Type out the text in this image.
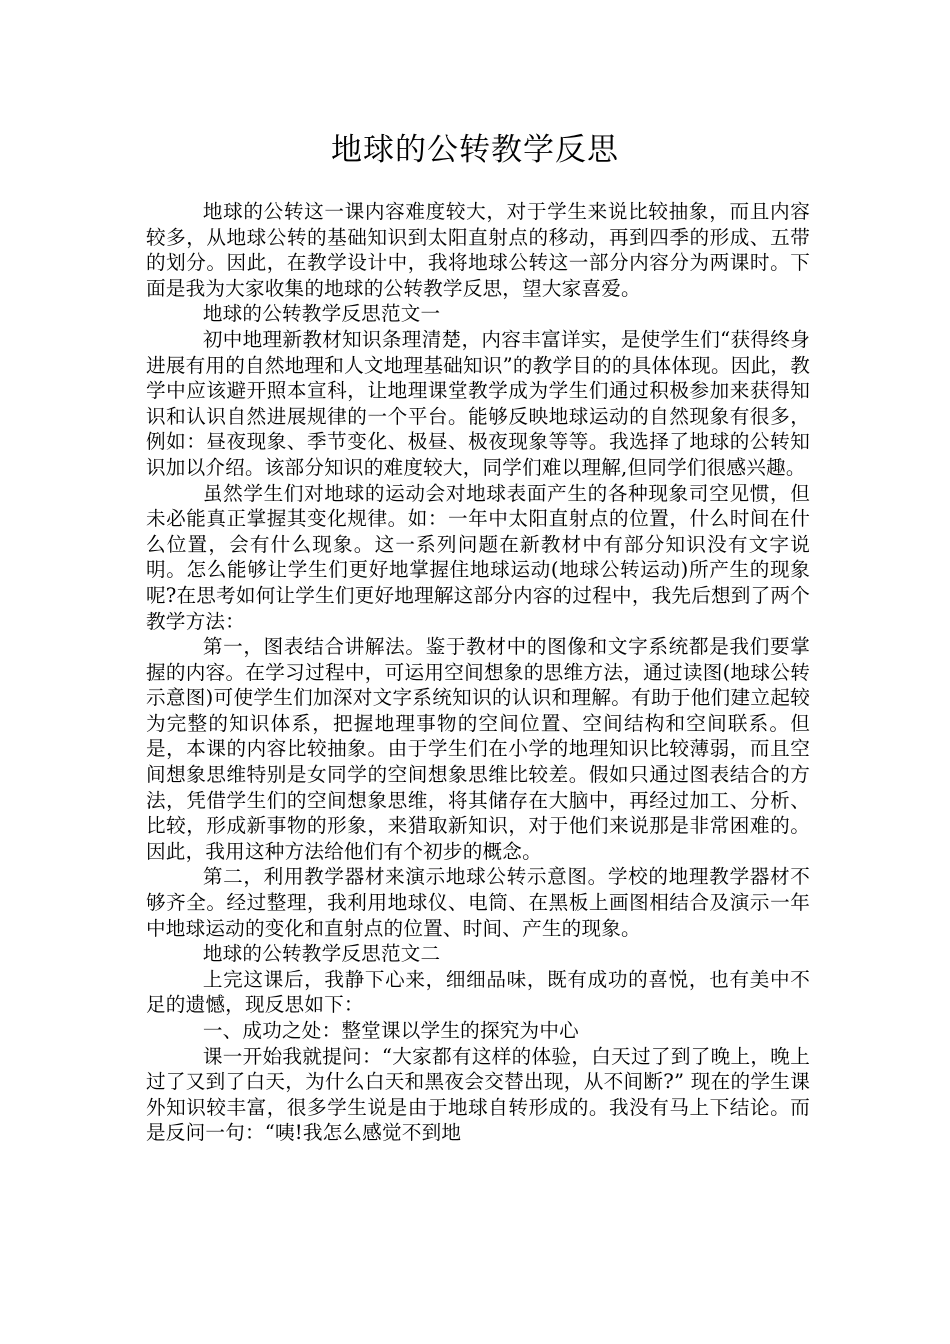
地球的公转教学反思

地球的公转这一课内容难度较大，对于学生来说比较抽象，而且内容较多，从地球公转的基础知识到太阳直射点的移动，再到四季的形成、五带的划分。因此，在教学设计中，我将地球公转这一部分内容分为两课时。下面是我为大家收集的地球的公转教学反思，望大家喜爱。

地球的公转教学反思范文一

初中地理新教材知识条理清楚，内容丰富详实，是使学生们“获得终身进展有用的自然地理和人文地理基础知识”的教学目的的具体体现。因此，教学中应该避开照本宣科，让地理课堂教学成为学生们通过积极参加来获得知识和认识自然进展规律的一个平台。能够反映地球运动的自然现象有很多，例如：昼夜现象、季节变化、极昼、极夜现象等等。我选择了地球的公转知识加以介绍。该部分知识的难度较大，同学们难以理解,但同学们很感兴趣。

虽然学生们对地球的运动会对地球表面产生的各种现象司空见惯，但未必能真正掌握其变化规律。如：一年中太阳直射点的位置，什么时间在什么位置，会有什么现象。这一系列问题在新教材中有部分知识没有文字说明。怎么能够让学生们更好地掌握住地球运动(地球公转运动)所产生的现象呢?在思考如何让学生们更好地理解这部分内容的过程中，我先后想到了两个教学方法：

第一，图表结合讲解法。鉴于教材中的图像和文字系统都是我们要掌握的内容。在学习过程中，可运用空间想象的思维方法，通过读图(地球公转示意图)可使学生们加深对文字系统知识的认识和理解。有助于他们建立起较为完整的知识体系，把握地理事物的空间位置、空间结构和空间联系。但是，本课的内容比较抽象。由于学生们在小学的地理知识比较薄弱，而且空间想象思维特别是女同学的空间想象思维比较差。假如只通过图表结合的方法，凭借学生们的空间想象思维，将其储存在大脑中，再经过加工、分析、比较，形成新事物的形象，来猎取新知识，对于他们来说那是非常困难的。因此，我用这种方法给他们有个初步的概念。

第二，利用教学器材来演示地球公转示意图。学校的地理教学器材不够齐全。经过整理，我利用地球仪、电筒、在黑板上画图相结合及演示一年中地球运动的变化和直射点的位置、时间、产生的现象。

地球的公转教学反思范文二

上完这课后，我静下心来，细细品味，既有成功的喜悦，也有美中不足的遗憾，现反思如下：

一、成功之处：整堂课以学生的探究为中心

课一开始我就提问：“大家都有这样的体验，白天过了到了晚上，晚上过了又到了白天，为什么白天和黑夜会交替出现，从不间断?” 现在的学生课外知识较丰富，很多学生说是由于地球自转形成的。我没有马上下结论。而是反问一句：“咦!我怎么感觉不到地
